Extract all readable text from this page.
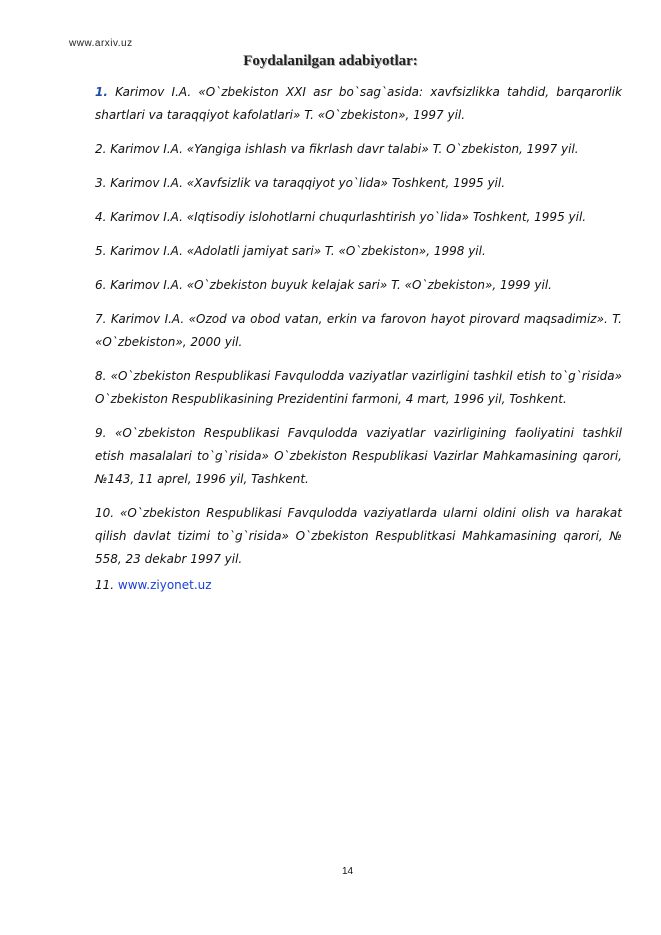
www.arxiv.uz
Foydalanilgan adabiyotlar:
1. Karimov I.A. «O`zbekiston XXI asr bo`sag`asida: xavfsizlikka tahdid, barqarorlik shartlari va taraqqiyot kafolatlari» T. «O`zbekiston», 1997 yil.
2. Karimov I.A. «Yangiga ishlash va fikrlash davr talabi» T. O`zbekiston, 1997 yil.
3. Karimov I.A. «Xavfsizlik va taraqqiyot yo`lida» Toshkent, 1995 yil.
4. Karimov I.A. «Iqtisodiy islohotlarni chuqurlashtirish yo`lida» Toshkent, 1995 yil.
5. Karimov I.A. «Adolatli jamiyat sari» T. «O`zbekiston», 1998 yil.
6. Karimov I.A. «O`zbekiston buyuk kelajak sari» T. «O`zbekiston», 1999 yil.
7. Karimov I.A. «Ozod va obod vatan, erkin va farovon hayot pirovard maqsadimiz». T. «O`zbekiston», 2000 yil.
8. «O`zbekiston Respublikasi Favqulodda vaziyatlar vazirligini tashkil etish to`g`risida» O`zbekiston Respublikasining Prezidentini farmoni, 4 mart, 1996 yil, Toshkent.
9. «O`zbekiston Respublikasi Favqulodda vaziyatlar vazirligining faoliyatini tashkil etish masalalari to`g`risida» O`zbekiston Respublikasi Vazirlar Mahkamasining qarori, №143, 11 aprel, 1996 yil, Tashkent.
10. «O`zbekiston Respublikasi Favqulodda vaziyatlarda ularni oldini olish va harakat qilish davlat tizimi to`g`risida» O`zbekiston Respublitkasi Mahkamasining qarori, № 558, 23 dekabr 1997 yil.
11. www.ziyonet.uz
14
